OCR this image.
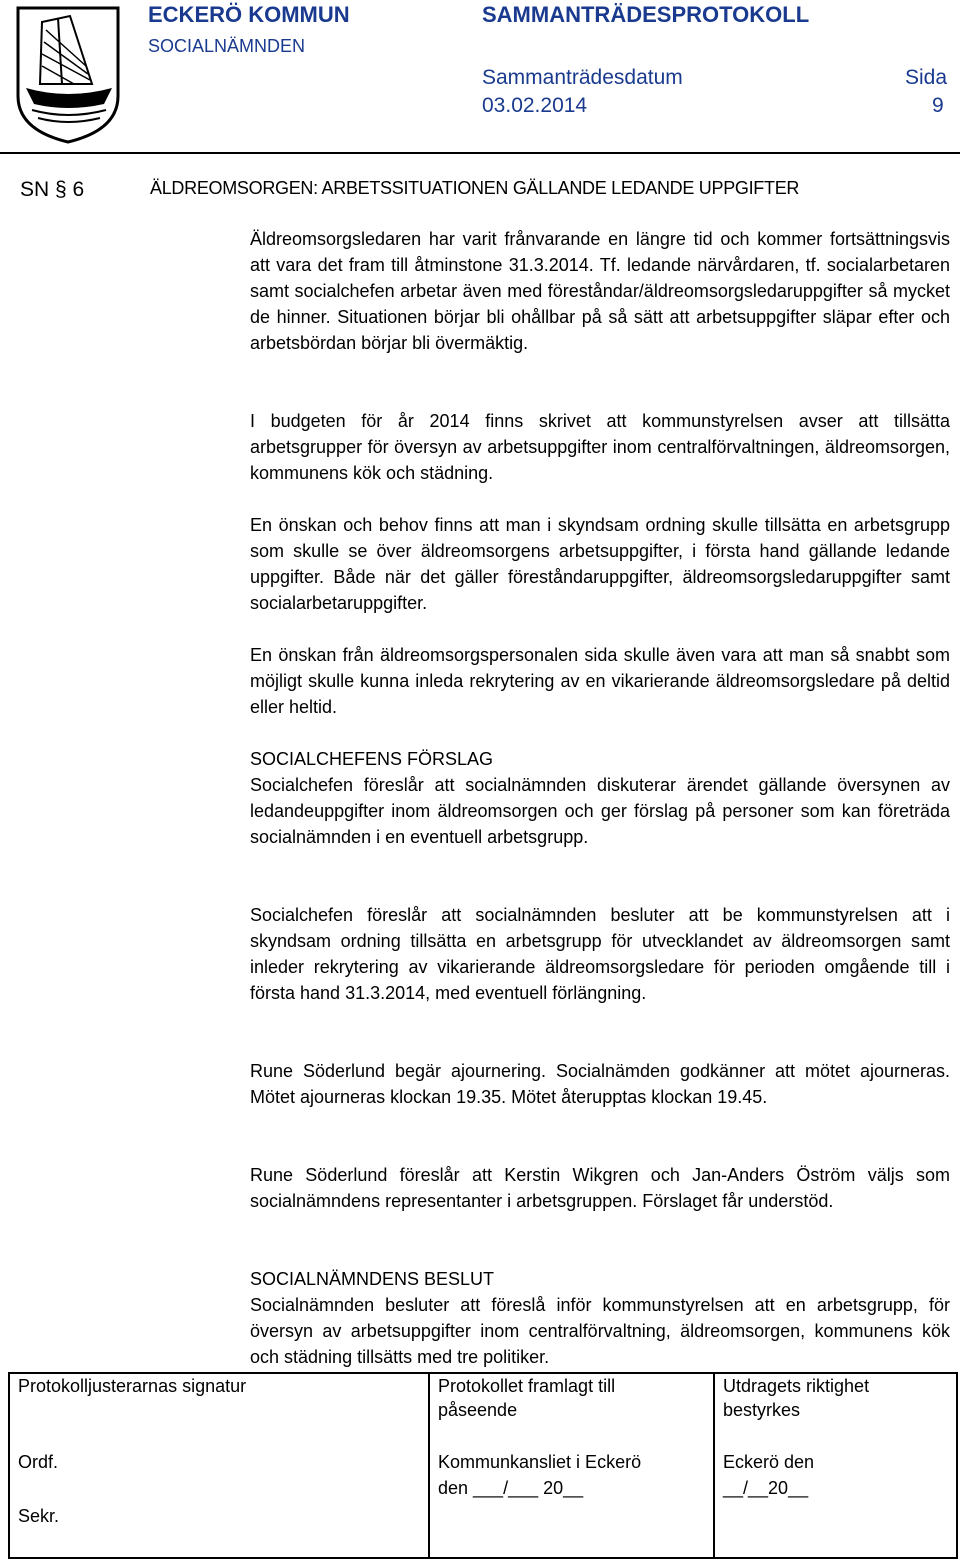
ECKERÖ KOMMUN
SOCIALNÄMNDEN
SAMMANTRÄDESPROTOKOLL
Sammanträdesdatum
03.02.2014
Sida
9
SN § 6	ÄLDREOMSORGEN: ARBETSSITUATIONEN GÄLLANDE LEDANDE UPPGIFTER

Äldreomsorgsledaren har varit frånvarande en längre tid och kommer fortsättningsvis att vara det fram till åtminstone 31.3.2014. Tf. ledande närvårdaren, tf. socialarbetaren samt socialchefen arbetar även med föreståndar/äldreomsorgsledaruppgifter så mycket de hinner. Situationen börjar bli ohållbar på så sätt att arbetsuppgifter släpar efter och arbetsbördan börjar bli övermäktig.

I budgeten för år 2014 finns skrivet att kommunstyrelsen avser att tillsätta arbetsgrupper för översyn av arbetsuppgifter inom centralförvaltningen, äldreomsorgen, kommunens kök och städning.

En önskan och behov finns att man i skyndsam ordning skulle tillsätta en arbetsgrupp som skulle se över äldreomsorgens arbetsuppgifter, i första hand gällande ledande uppgifter. Både när det gäller föreståndaruppgifter, äldreomsorgsledaruppgifter samt socialarbetaruppgifter.

En önskan från äldreomsorgspersonalen sida skulle även vara att man så snabbt som möjligt skulle kunna inleda rekrytering av en vikarierande äldreomsorgsledare på deltid eller heltid.

SOCIALCHEFENS FÖRSLAG

Socialchefen föreslår att socialnämnden diskuterar ärendet gällande översynen av ledandeuppgifter inom äldreomsorgen och ger förslag på personer som kan företräda socialnämnden i en eventuell arbetsgrupp.

Socialchefen föreslår att socialnämnden besluter att be kommunstyrelsen att i skyndsam ordning tillsätta en arbetsgrupp för utvecklandet av äldreomsorgen samt inleder rekrytering av vikarierande äldreomsorgsledare för perioden omgående till i första hand 31.3.2014, med eventuell förlängning.

Rune Söderlund begär ajournering. Socialnämden godkänner att mötet ajourneras. Mötet ajourneras klockan 19.35. Mötet återupptas klockan 19.45.

Rune Söderlund föreslår att Kerstin Wikgren och Jan-Anders Öström väljs som socialnämndens representanter i arbetsgruppen. Förslaget får understöd.

SOCIALNÄMNDENS BESLUT

Socialnämnden besluter att föreslå inför kommunstyrelsen att en arbetsgrupp, för översyn av arbetsuppgifter inom centralförvaltning, äldreomsorgen, kommunens kök och städning tillsätts med tre politiker.

Protokolljusterarnas signatur
Ordf.
Sekr.
Protokollet framlagt till
påseende
Kommunkansliet i Eckerö
den ___/___ 20__
Utdragets riktighet
bestyrkes
Eckerö den
__/__20__
